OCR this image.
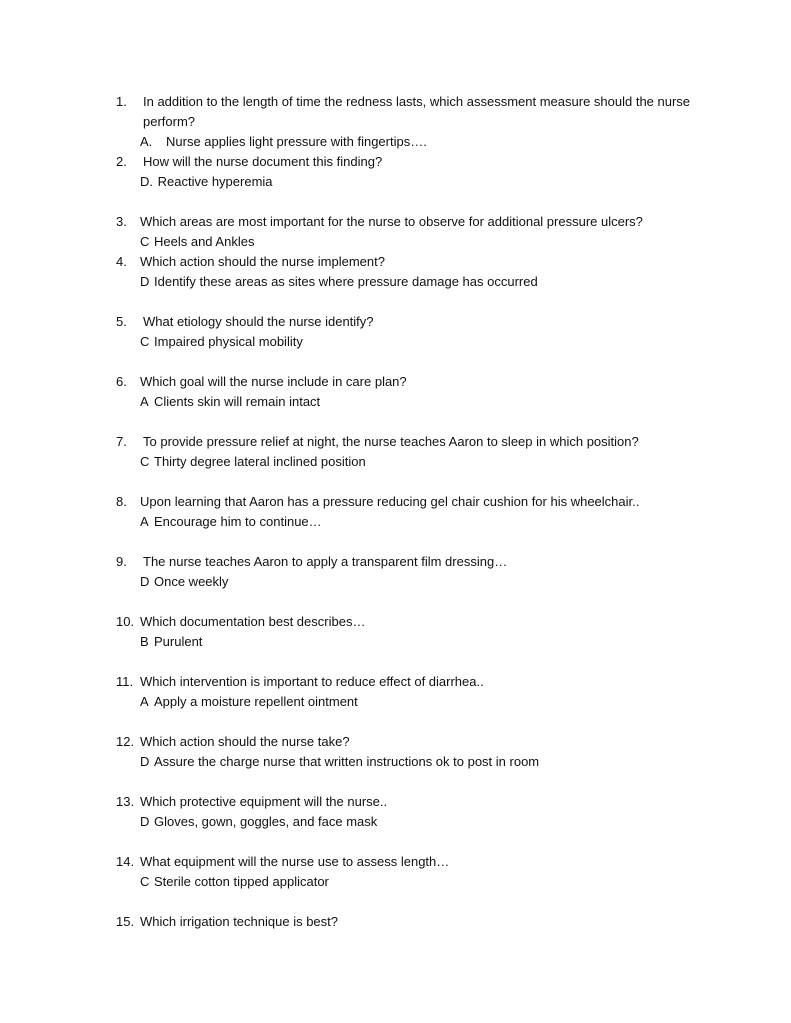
1. In addition to the length of time the redness lasts, which assessment measure should the nurse perform?
A. Nurse applies light pressure with fingertips….
2. How will the nurse document this finding?
D. Reactive hyperemia
3. Which areas are most important for the nurse to observe for additional pressure ulcers?
C Heels and Ankles
4. Which action should the nurse implement?
D Identify these areas as sites where pressure damage has occurred
5. What etiology should the nurse identify?
C Impaired physical mobility
6. Which goal will the nurse include in care plan?
A Clients skin will remain intact
7. To provide pressure relief at night, the nurse teaches Aaron to sleep in which position?
C Thirty degree lateral inclined position
8. Upon learning that Aaron has a pressure reducing gel chair cushion for his wheelchair..
A Encourage him to continue…
9. The nurse teaches Aaron to apply a transparent film dressing…
D Once weekly
10. Which documentation best describes…
B Purulent
11. Which intervention is important to reduce effect of diarrhea..
A Apply a moisture repellent ointment
12. Which action should the nurse take?
D Assure the charge nurse that written instructions ok to post in room
13. Which protective equipment will the nurse..
D Gloves, gown, goggles, and face mask
14. What equipment will the nurse use to assess length…
C Sterile cotton tipped applicator
15. Which irrigation technique is best?
